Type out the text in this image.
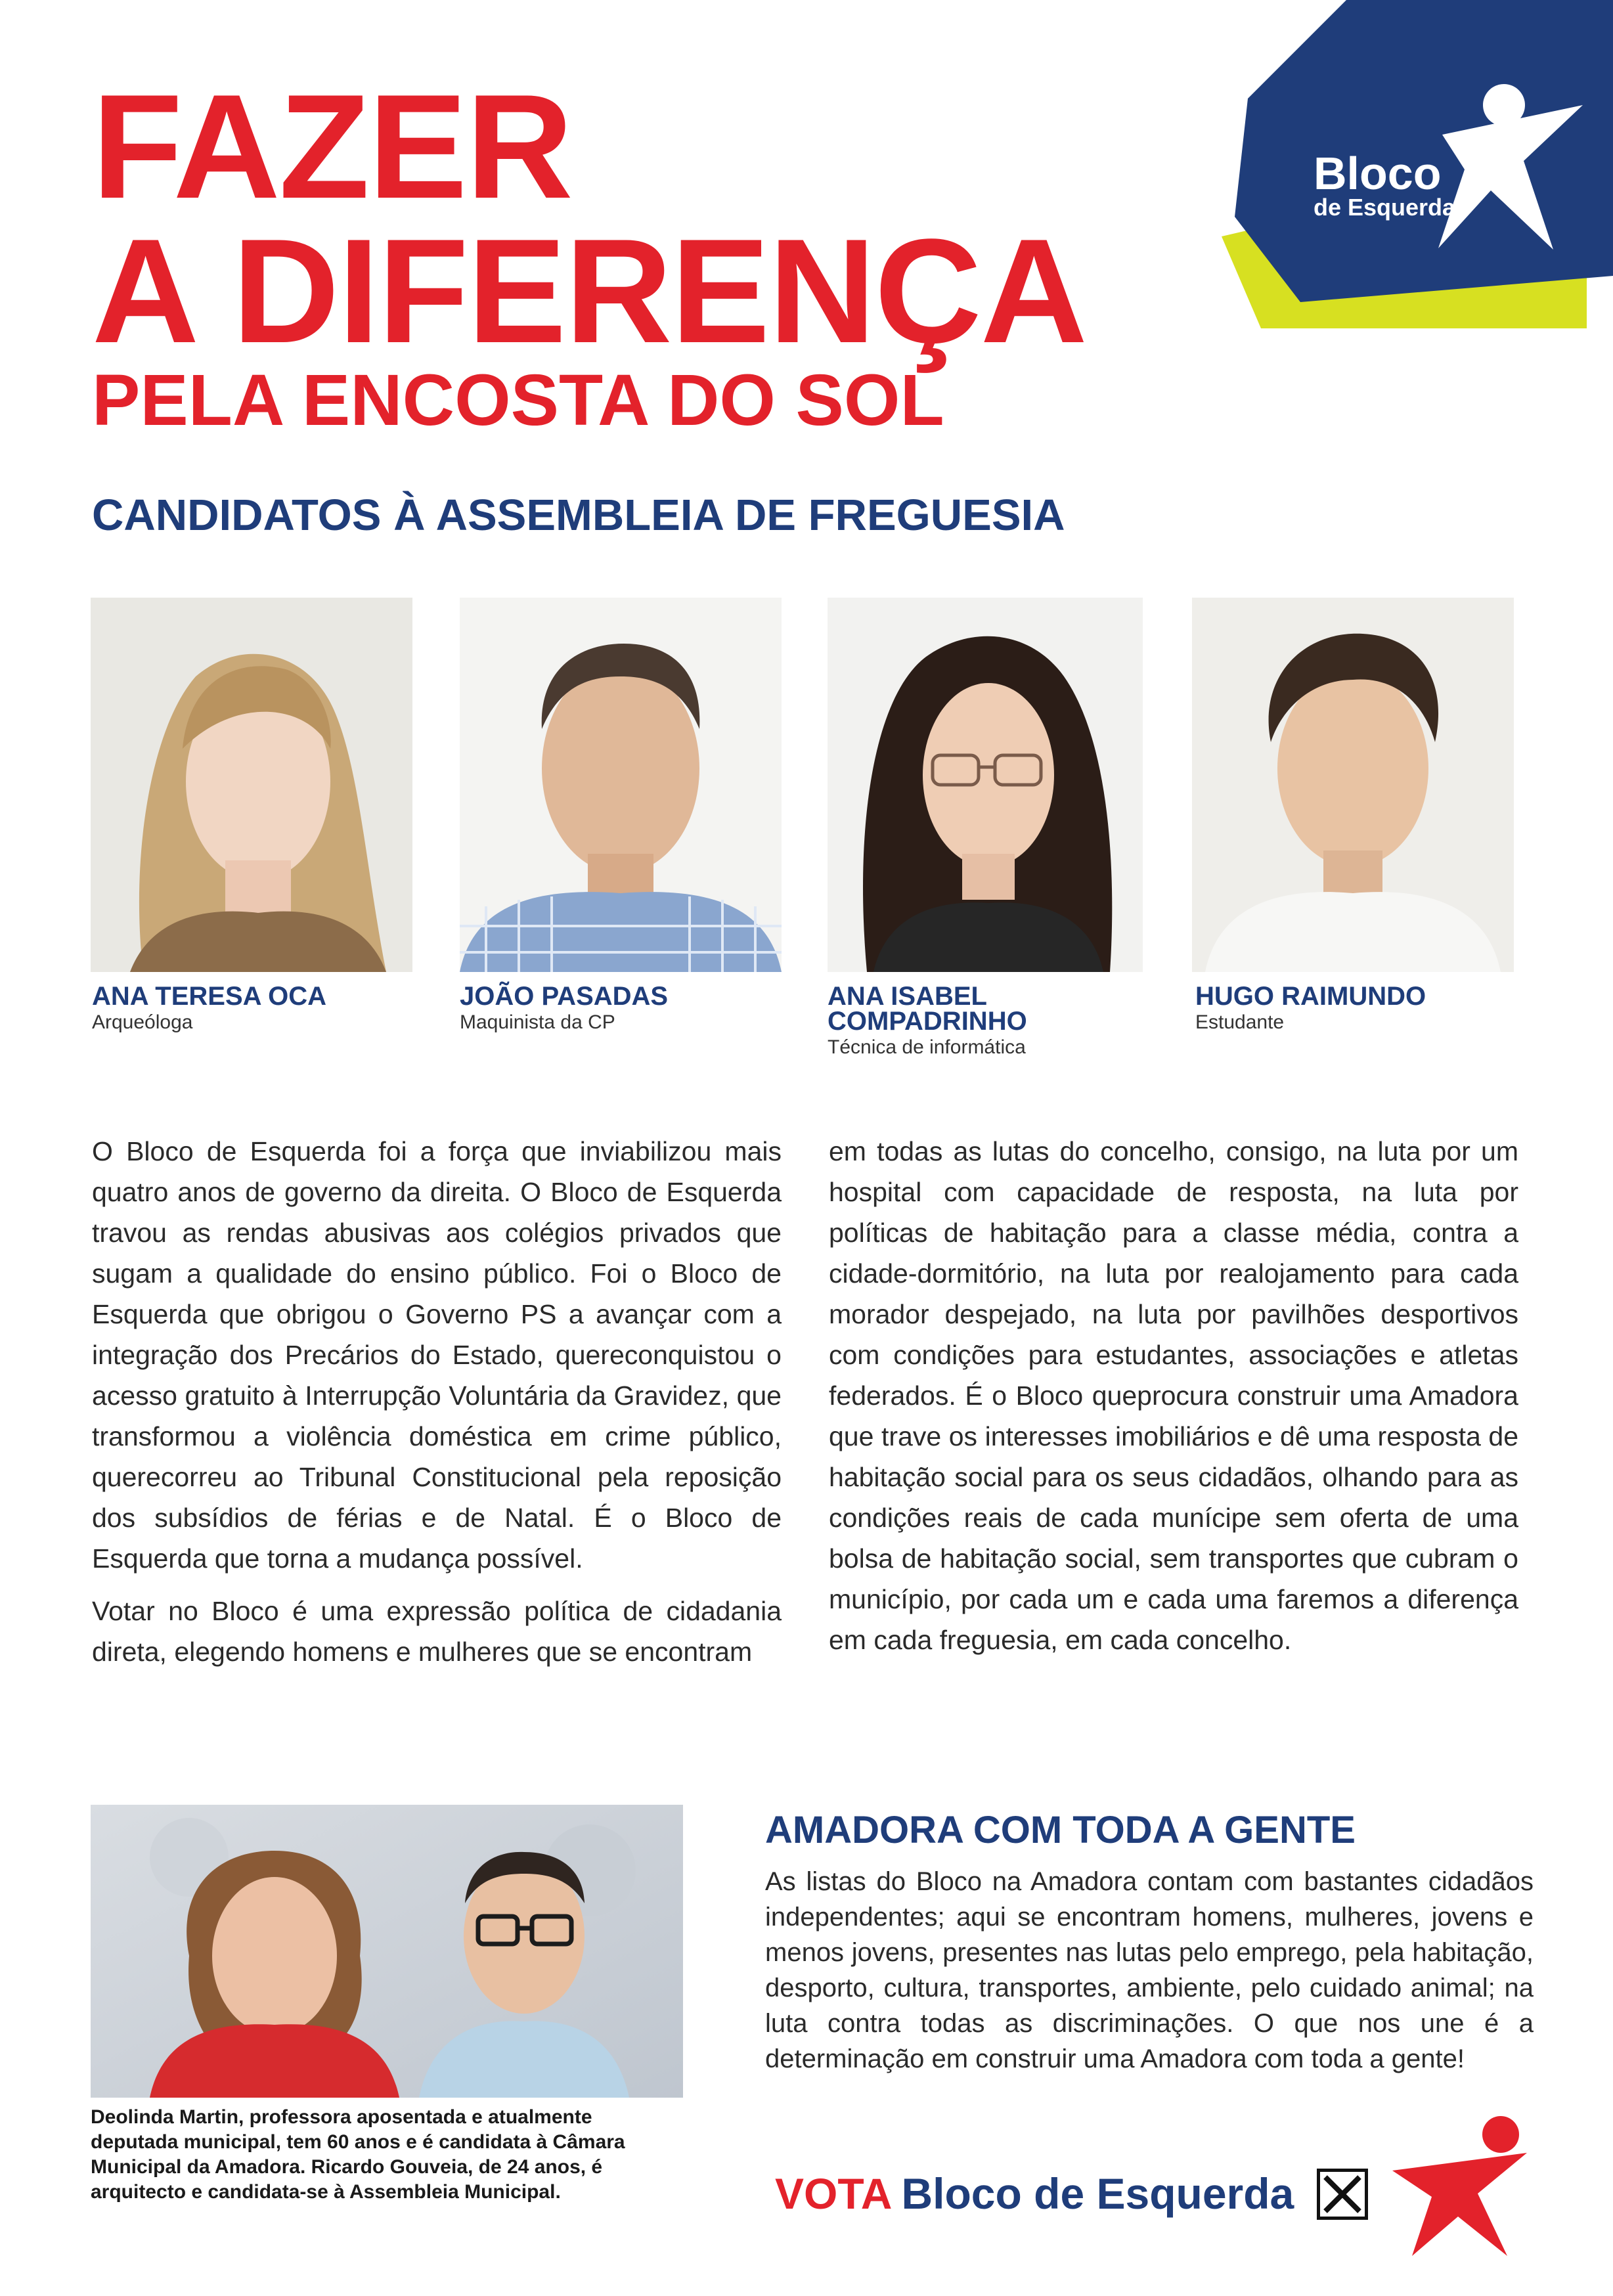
FAZER
A DIFERENÇA
PELA ENCOSTA DO SOL
Bloco
de Esquerda
CANDIDATOS À ASSEMBLEIA DE FREGUESIA
ANA TERESA OCA
Arqueóloga
JOÃO PASADAS
Maquinista da CP
ANA ISABEL
COMPADRINHO
Técnica de informática
HUGO RAIMUNDO
Estudante

O Bloco de Esquerda foi a força que inviabilizou mais quatro anos de governo da direita. O Bloco de Esquerda travou as rendas abusivas aos colégios privados que sugam a qualidade do ensino público. Foi o Bloco de Esquerda que obrigou o Governo PS a avançar com a integração dos Precários do Estado, quereconquistou o acesso gratuito à Interrupção Voluntária da Gravidez, que transformou a violência doméstica em crime público, querecorreu ao Tribunal Constitucional pela reposição dos subsídios de férias e de Natal. É o Bloco de Esquerda que torna a mudança possível.

Votar no Bloco é uma expressão política de cidadania direta, elegendo homens e mulheres que se encontram

em todas as lutas do concelho, consigo, na luta por um hospital com capacidade de resposta, na luta por políticas de habitação para a classe média, contra a cidade-dormitório, na luta por realojamento para cada morador despejado, na luta por pavilhões desportivos com condições para estudantes, associações e atletas federados. É o Bloco queprocura construir uma Amadora que trave os interesses imobiliários e dê uma resposta de habitação social para os seus cidadãos, olhando para as condições reais de cada munícipe sem oferta de uma bolsa de habitação social, sem transportes que cubram o município, por cada um e cada uma faremos a diferença em cada freguesia, em cada concelho.

Deolinda Martin, professora aposentada e atualmente deputada municipal, tem 60 anos e é candidata à Câmara Municipal da Amadora. Ricardo Gouveia, de 24 anos, é arquitecto e candidata-se à Assembleia Municipal.
AMADORA COM TODA A GENTE
As listas do Bloco na Amadora contam com bastantes cidadãos independentes; aqui se encontram homens, mulheres, jovens e menos jovens, presentes nas lutas pelo emprego, pela habitação, desporto, cultura, transportes, ambiente, pelo cuidado animal; na luta contra todas as discriminações. O que nos une é a determinação em construir uma Amadora com toda a gente!
VOTA Bloco de Esquerda
